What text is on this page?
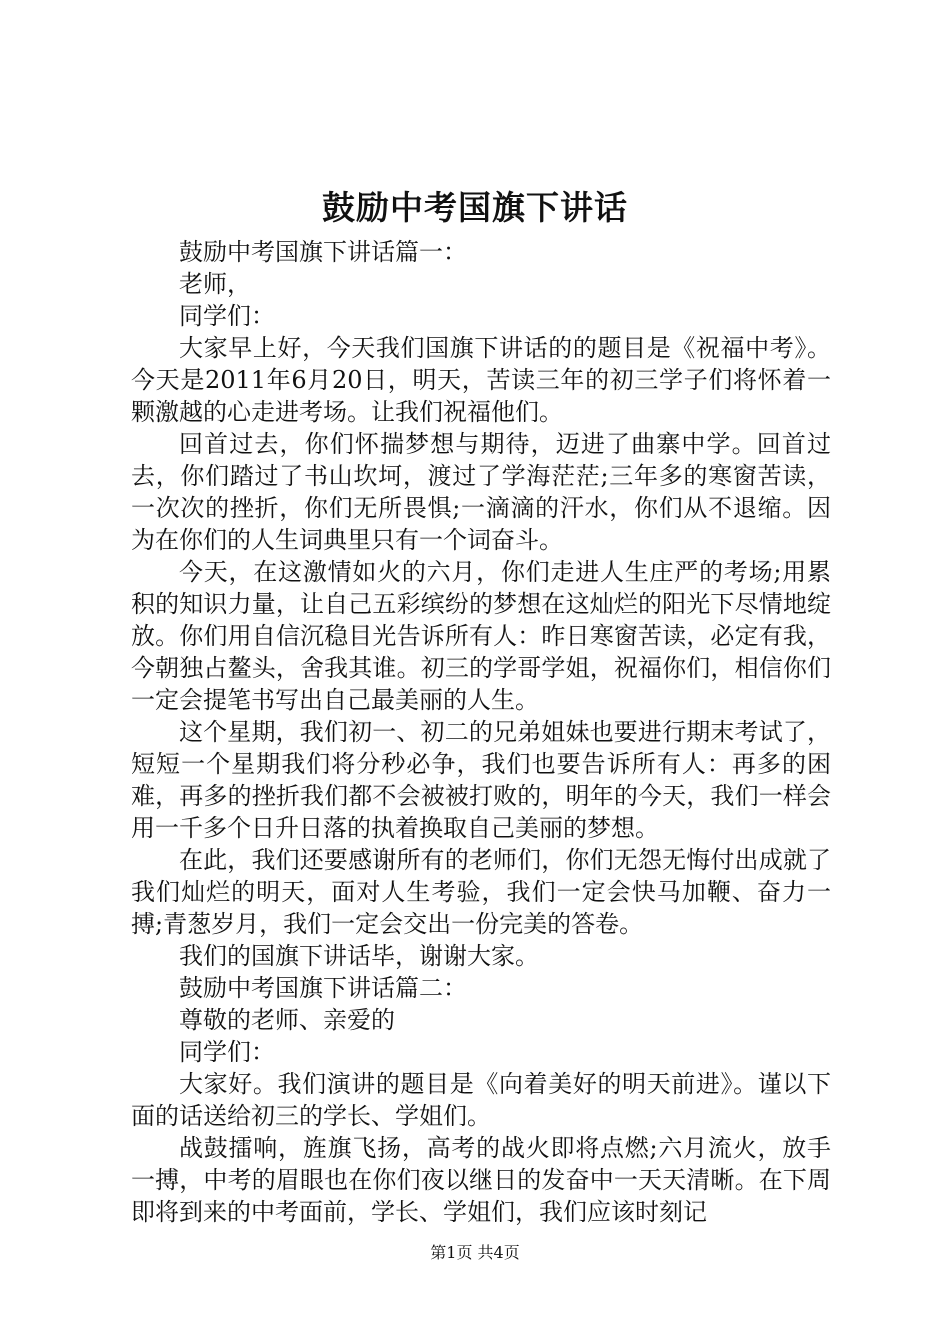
鼓励中考国旗下讲话

鼓励中考国旗下讲话篇一：

老师，

同学们：

大家早上好，今天我们国旗下讲话的的题目是《祝福中考》。今天是2011年6月20日，明天，苦读三年的初三学子们将怀着一颗激越的心走进考场。让我们祝福他们。

回首过去，你们怀揣梦想与期待，迈进了曲寨中学。回首过去，你们踏过了书山坎坷，渡过了学海茫茫;三年多的寒窗苦读，一次次的挫折，你们无所畏惧;一滴滴的汗水，你们从不退缩。因为在你们的人生词典里只有一个词奋斗。

今天，在这激情如火的六月，你们走进人生庄严的考场;用累积的知识力量，让自己五彩缤纷的梦想在这灿烂的阳光下尽情地绽放。你们用自信沉稳目光告诉所有人：昨日寒窗苦读，必定有我，今朝独占鳌头，舍我其谁。初三的学哥学姐，祝福你们，相信你们一定会提笔书写出自己最美丽的人生。

这个星期，我们初一、初二的兄弟姐妹也要进行期末考试了，短短一个星期我们将分秒必争，我们也要告诉所有人：再多的困难，再多的挫折我们都不会被被打败的，明年的今天，我们一样会用一千多个日升日落的执着换取自己美丽的梦想。

在此，我们还要感谢所有的老师们，你们无怨无悔付出成就了我们灿烂的明天，面对人生考验，我们一定会快马加鞭、奋力一搏;青葱岁月，我们一定会交出一份完美的答卷。

我们的国旗下讲话毕，谢谢大家。

鼓励中考国旗下讲话篇二：

尊敬的老师、亲爱的

同学们：

大家好。我们演讲的题目是《向着美好的明天前进》。谨以下面的话送给初三的学长、学姐们。

战鼓擂响，旌旗飞扬，高考的战火即将点燃;六月流火，放手一搏，中考的眉眼也在你们夜以继日的发奋中一天天清晰。在下周即将到来的中考面前，学长、学姐们，我们应该时刻记

第1页 共4页
